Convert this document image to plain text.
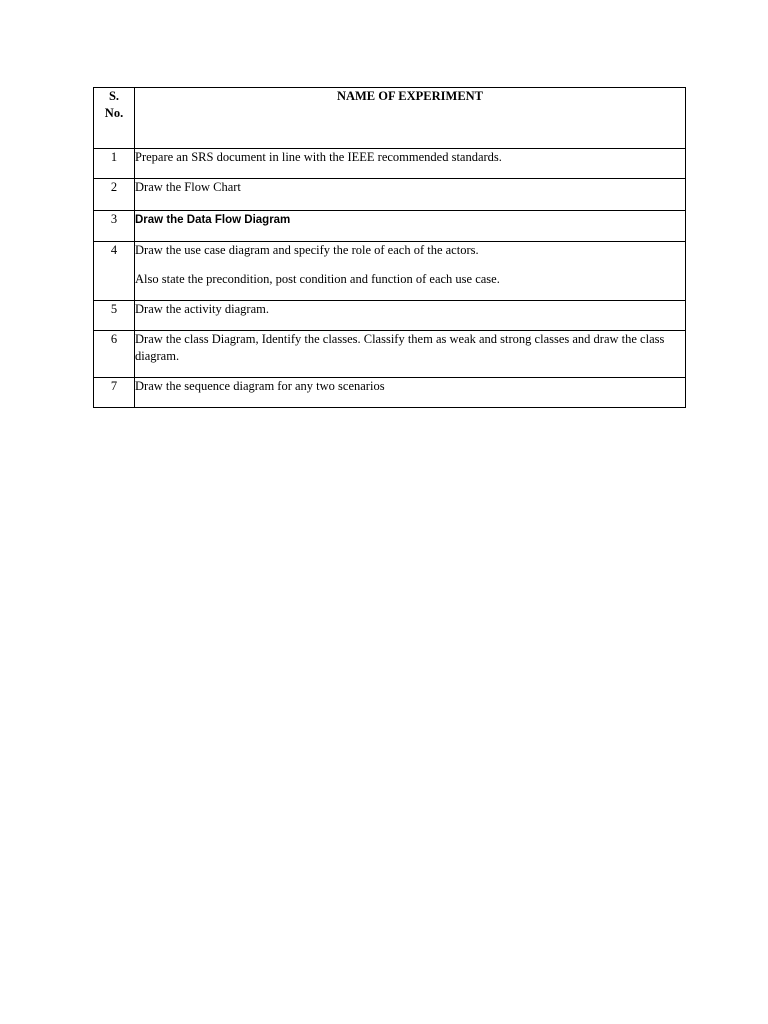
S.
No.	NAME OF EXPERIMENT
1	Prepare an SRS document in line with the IEEE recommended standards.
2	Draw the Flow Chart
3	Draw the Data Flow Diagram
4	Draw the use case diagram and specify the role of each of the actors.
Also state the precondition, post condition and function of each use case.

5	Draw the activity diagram.
6	Draw the class Diagram, Identify the classes. Classify them as weak and strong classes and draw the class diagram.
7	Draw the sequence diagram for any two scenarios
